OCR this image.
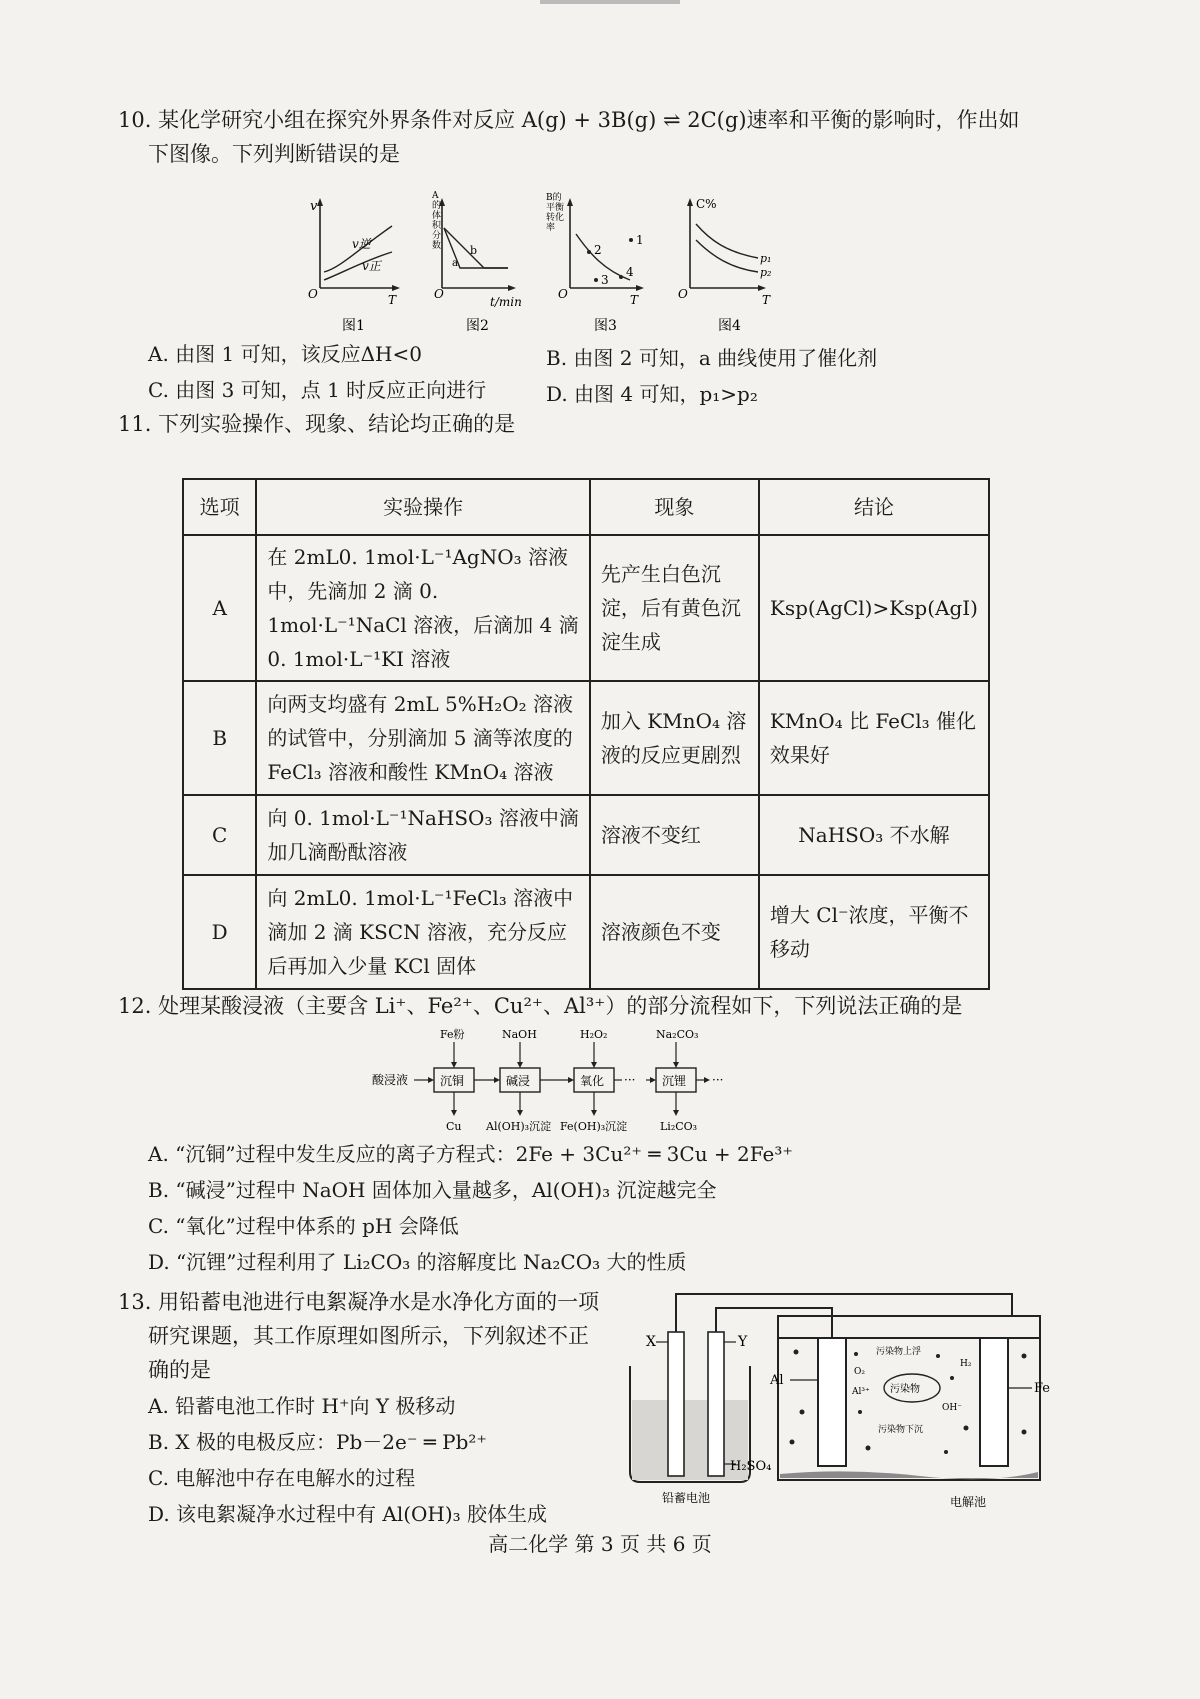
10. 某化学研究小组在探究外界条件对反应 A(g) + 3B(g) ⇌ 2C(g)速率和平衡的影响时，作出如
下图像。下列判断错误的是
v
T
O
v逆
v正
A 的体积分数
t/min
O
a
b
B的平衡转化率
1
2
3
4
T
O
C%
p₁
p₂
T
O
图1	图2	图3	图4
A. 由图 1 可知，该反应ΔH<0	B. 由图 2 可知，a 曲线使用了催化剂
C. 由图 3 可知，点 1 时反应正向进行	D. 由图 4 可知，p₁>p₂
11. 下列实验操作、现象、结论均正确的是
选项	实验操作	现象	结论
A	在 2mL0. 1mol·L⁻¹AgNO₃ 溶液中，先滴加 2 滴 0. 1mol·L⁻¹NaCl 溶液，后滴加 4 滴 0. 1mol·L⁻¹KI 溶液	先产生白色沉淀，后有黄色沉淀生成	Ksp(AgCl)>Ksp(AgI)
B	向两支均盛有 2mL 5%H₂O₂ 溶液的试管中，分别滴加 5 滴等浓度的 FeCl₃ 溶液和酸性 KMnO₄ 溶液	加入 KMnO₄ 溶液的反应更剧烈	KMnO₄ 比 FeCl₃ 催化效果好
C	向 0. 1mol·L⁻¹NaHSO₃ 溶液中滴加几滴酚酞溶液	溶液不变红	NaHSO₃ 不水解
D	向 2mL0. 1mol·L⁻¹FeCl₃ 溶液中滴加 2 滴 KSCN 溶液，充分反应后再加入少量 KCl 固体	溶液颜色不变	增大 Cl⁻浓度，平衡不移动
12. 处理某酸浸液（主要含 Li⁺、Fe²⁺、Cu²⁺、Al³⁺）的部分流程如下，下列说法正确的是
酸浸液	沉铜	碱浸	氧化 ··· 沉锂 ···
Fe粉	NaOH	H₂O₂	Na₂CO₃
Cu Al(OH)₃沉淀 Fe(OH)₃沉淀	Li₂CO₃
A. “沉铜”过程中发生反应的离子方程式：2Fe + 3Cu²⁺ ═ 3Cu + 2Fe³⁺
B. “碱浸”过程中 NaOH 固体加入量越多，Al(OH)₃ 沉淀越完全
C. “氧化”过程中体系的 pH 会降低
D. “沉锂”过程利用了 Li₂CO₃ 的溶解度比 Na₂CO₃ 大的性质
13. 用铅蓄电池进行电絮凝净水是水净化方面的一项
研究课题，其工作原理如图所示，下列叙述不正
确的是
A. 铅蓄电池工作时 H⁺向 Y 极移动
B. X 极的电极反应：Pb－2e⁻ ═ Pb²⁺
C. 电解池中存在电解水的过程
D. 该电絮凝净水过程中有 Al(OH)₃ 胶体生成
X	Y
H₂SO₄
铅蓄电池
Al
Fe
污染物
污染物上浮
污染物下沉
O₂
Al³⁺
OH⁻
H₂
电解池
高二化学 第 3 页 共 6 页
